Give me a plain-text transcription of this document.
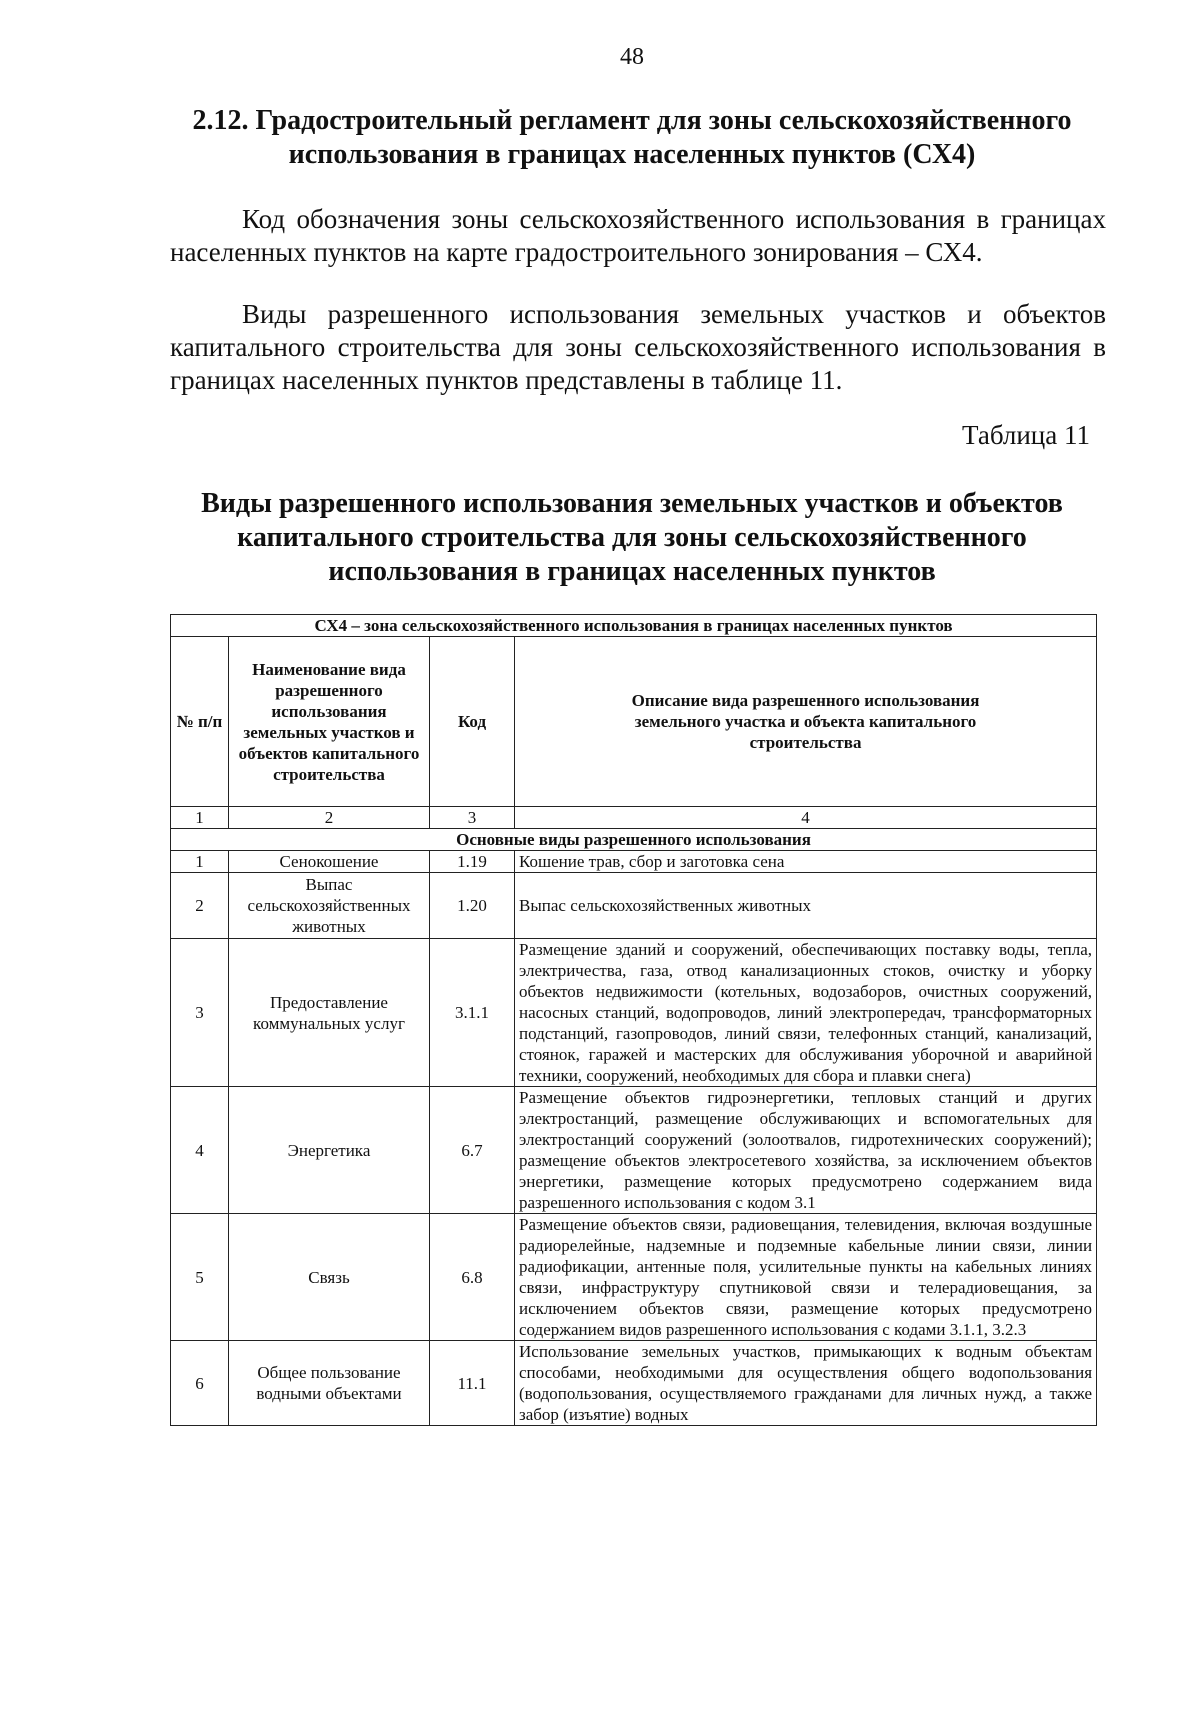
48
2.12. Градостроительный регламент для зоны сельскохозяйственного использования в границах населенных пунктов (СХ4)
Код обозначения зоны сельскохозяйственного использования в границах населенных пунктов на карте градостроительного зонирования – СХ4.
Виды разрешенного использования земельных участков и объектов капитального строительства для зоны сельскохозяйственного использования в границах населенных пунктов представлены в таблице 11.
Таблица 11
Виды разрешенного использования земельных участков и объектов капитального строительства для зоны сельскохозяйственного использования в границах населенных пунктов
СХ4 – зона сельскохозяйственного использования в границах населенных пунктов			
№ п/п	Наименование вида разрешенного использования земельных участков и объектов капитального строительства	Код	Описание вида разрешенного использования земельного участка и объекта капитального строительства
1	2	3	4
Основные виды разрешенного использования			
1	Сенокошение	1.19	Кошение трав, сбор и заготовка сена
2	Выпас сельскохозяйственных животных	1.20	Выпас сельскохозяйственных животных
3	Предоставление коммунальных услуг	3.1.1	Размещение зданий и сооружений, обеспечивающих поставку воды, тепла, электричества, газа, отвод канализационных стоков, очистку и уборку объектов недвижимости (котельных, водозаборов, очистных сооружений, насосных станций, водопроводов, линий электропередач, трансформаторных подстанций, газопроводов, линий связи, телефонных станций, канализаций, стоянок, гаражей и мастерских для обслуживания уборочной и аварийной техники, сооружений, необходимых для сбора и плавки снега)
4	Энергетика	6.7	Размещение объектов гидроэнергетики, тепловых станций и других электростанций, размещение обслуживающих и вспомогательных для электростанций сооружений (золоотвалов, гидротехнических сооружений); размещение объектов электросетевого хозяйства, за исключением объектов энергетики, размещение которых предусмотрено содержанием вида разрешенного использования с кодом 3.1
5	Связь	6.8	Размещение объектов связи, радиовещания, телевидения, включая воздушные радиорелейные, надземные и подземные кабельные линии связи, линии радиофикации, антенные поля, усилительные пункты на кабельных линиях связи, инфраструктуру спутниковой связи и телерадиовещания, за исключением объектов связи, размещение которых предусмотрено содержанием видов разрешенного использования с кодами 3.1.1, 3.2.3
6	Общее пользование водными объектами	11.1	Использование земельных участков, примыкающих к водным объектам способами, необходимыми для осуществления общего водопользования (водопользования, осуществляемого гражданами для личных нужд, а также забор (изъятие) водных
